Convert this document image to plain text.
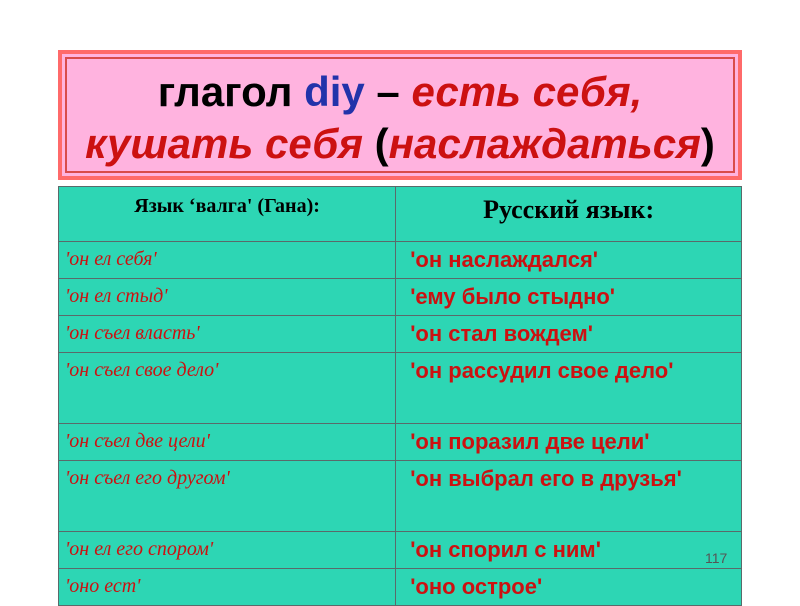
глагол diy – есть себя,
кушать себя (наслаждаться)
Язык ‘валга' (Гана):	Русский язык:

'он ел себя'	'он наслаждался'

'он ел стыд'	'ему было стыдно'

'он съел власть'	'он стал вождем'

'он съел свое дело'	'он рассудил свое дело'

'он съел две цели'	'он поразил две цели'

'он съел его другом'	'он выбрал его в друзья'

'он ел его спором'	'он спорил с ним'

'оно ест'	'оно острое'
117
